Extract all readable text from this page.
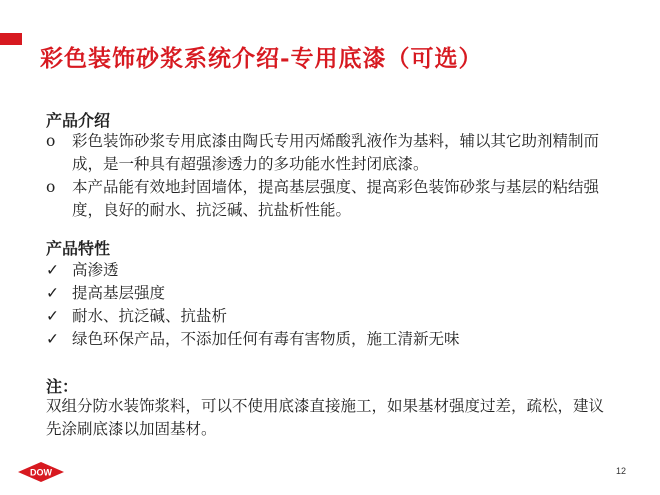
彩色装饰砂浆系统介绍-专用底漆（可选）
产品介绍
o 彩色装饰砂浆专用底漆由陶氏专用丙烯酸乳液作为基料，辅以其它助剂精制而成，是一种具有超强渗透力的多功能水性封闭底漆。
o 本产品能有效地封固墙体，提高基层强度、提高彩色装饰砂浆与基层的粘结强度，良好的耐水、抗泛碱、抗盐析性能。
产品特性
✓ 高渗透
✓ 提高基层强度
✓ 耐水、抗泛碱、抗盐析
✓ 绿色环保产品，不添加任何有毒有害物质，施工清新无味
注：

双组分防水装饰浆料，可以不使用底漆直接施工，如果基材强度过差，疏松，建议先涂刷底漆以加固基材。

DOW	12
